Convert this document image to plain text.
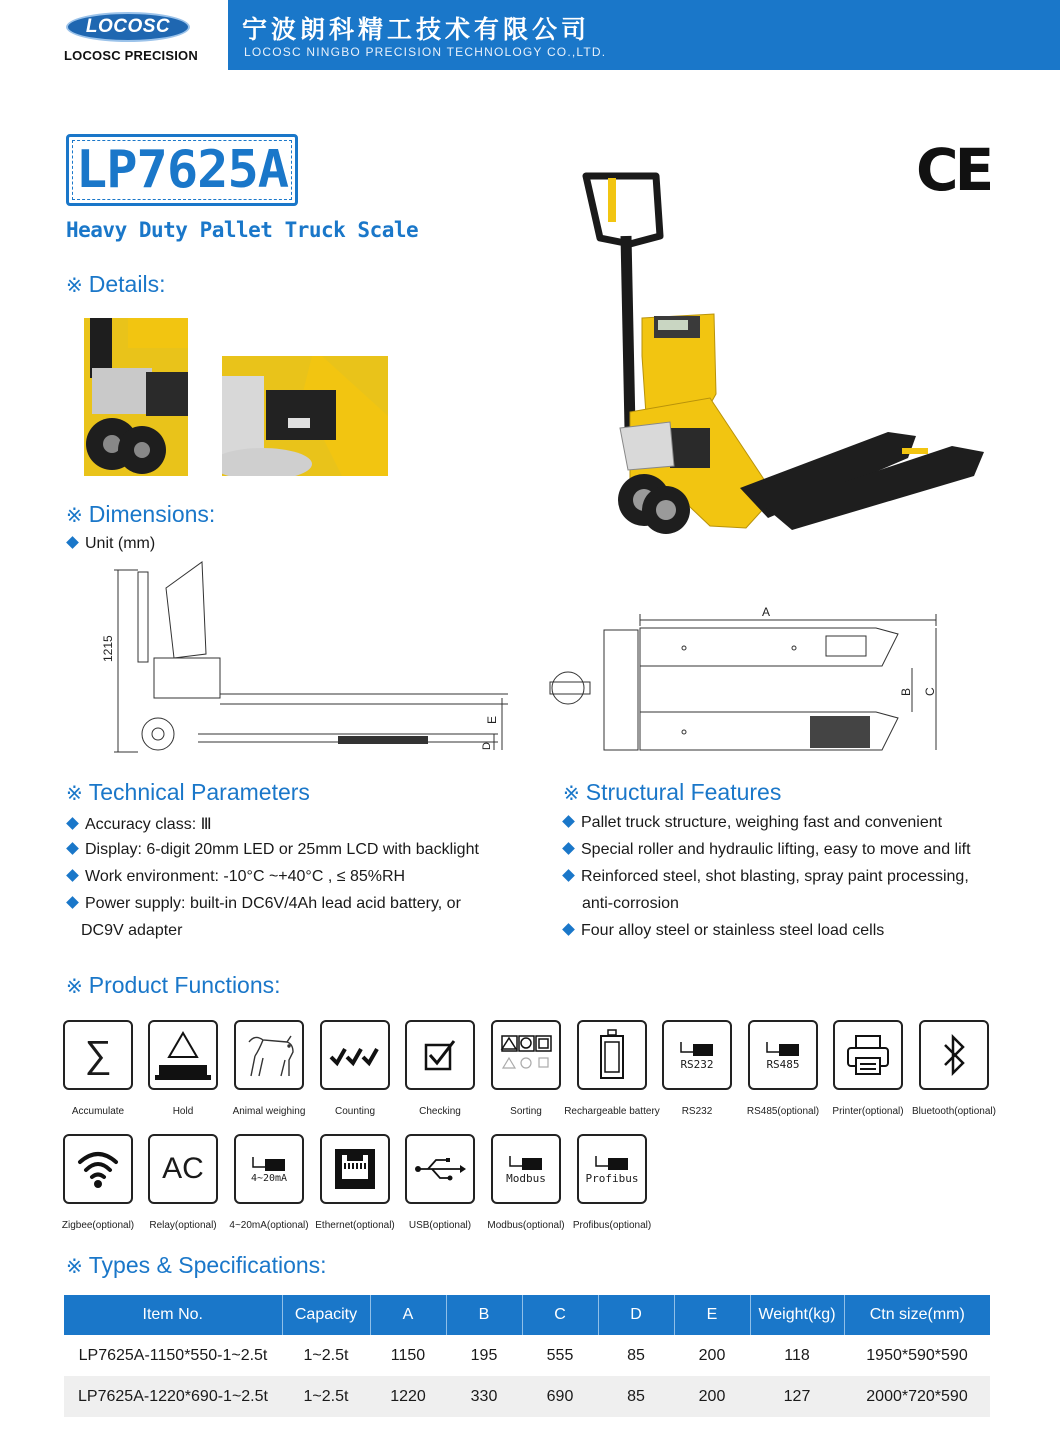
LOCOSC
LOCOSC PRECISION
宁波朗科精工技术有限公司
LOCOSC NINGBO PRECISION TECHNOLOGY CO.,LTD.
LP7625A
Heavy Duty Pallet Truck Scale
CE
※ Details:
※ Dimensions:
Unit (mm)
1215
E
D
A
B C
※ Technical Parameters
Accuracy class: Ⅲ
Display: 6-digit 20mm LED or 25mm LCD with backlight
Work environment: -10°C ~+40°C , ≤ 85%RH
Power supply: built-in DC6V/4Ah lead acid battery, or
DC9V adapter
※ Structural Features
Pallet truck structure, weighing fast and convenient
Special roller and hydraulic lifting, easy to move and lift
Reinforced steel, shot blasting, spray paint processing,
anti-corrosion
Four alloy steel or stainless steel load cells
※ Product Functions:
∑	RS232	RS485
Accumulate	Hold	Animal weighing	Counting	Checking	Sorting	Rechargeable battery	RS232	RS485(optional)	Printer(optional) Bluetooth(optional)
AC	4~20mA	Modbus	Profibus
Zigbee(optional)	Relay(optional)	4~20mA(optional) Ethernet(optional)	USB(optional)	Modbus(optional) Profibus(optional)
※ Types & Specifications:
Item No.	Capacity	A	B	C	D	E	Weight(kg)	Ctn size(mm)
LP7625A-1150*550-1~2.5t	1~2.5t	1150	195	555	85	200	118	1950*590*590
LP7625A-1220*690-1~2.5t	1~2.5t	1220	330	690	85	200	127	2000*720*590
